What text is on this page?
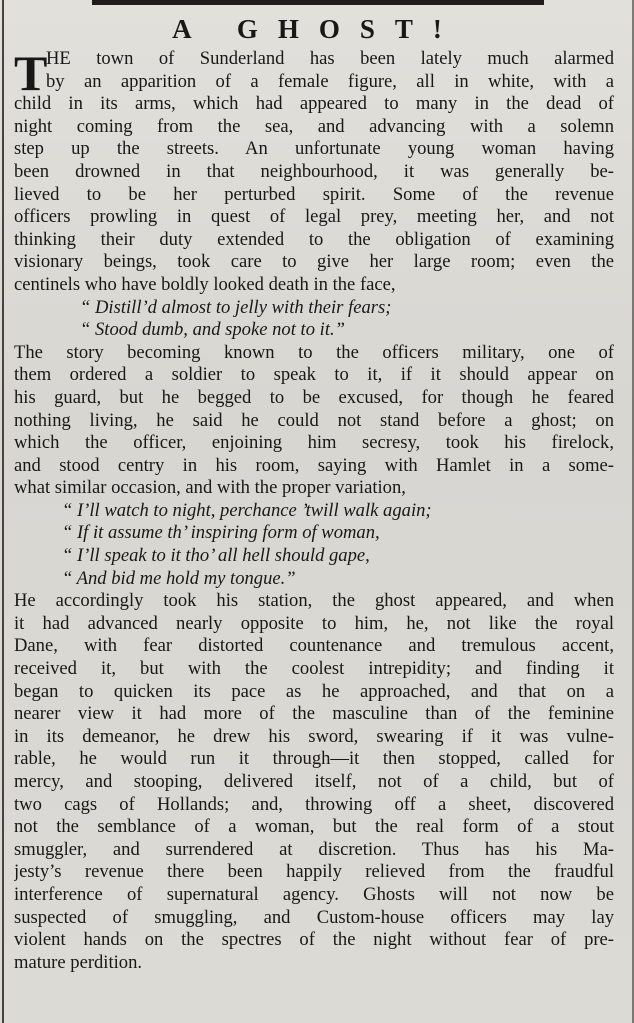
A GHOST!
T
HE town of Sunderland has been lately much alarmed
by an apparition of a female figure, all in white, with a
child in its arms, which had appeared to many in the dead of
night coming from the sea, and advancing with a solemn
step up the streets. An unfortunate young woman having
been drowned in that neighbourhood, it was generally be-
lieved to be her perturbed spirit. Some of the revenue
officers prowling in quest of legal prey, meeting her, and not
thinking their duty extended to the obligation of examining
visionary beings, took care to give her large room; even the
centinels who have boldly looked death in the face,
“ Distill’d almost to jelly with their fears;
“ Stood dumb, and spoke not to it.”
The story becoming known to the officers military, one of
them ordered a soldier to speak to it, if it should appear on
his guard, but he begged to be excused, for though he feared
nothing living, he said he could not stand before a ghost; on
which the officer, enjoining him secresy, took his firelock,
and stood centry in his room, saying with Hamlet in a some-
what similar occasion, and with the proper variation,
“ I’ll watch to night, perchance ’twill walk again;
“ If it assume th’ inspiring form of woman,
“ I’ll speak to it tho’ all hell should gape,
“ And bid me hold my tongue.”
He accordingly took his station, the ghost appeared, and when
it had advanced nearly opposite to him, he, not like the royal
Dane, with fear distorted countenance and tremulous accent,
received it, but with the coolest intrepidity; and finding it
began to quicken its pace as he approached, and that on a
nearer view it had more of the masculine than of the feminine
in its demeanor, he drew his sword, swearing if it was vulne-
rable, he would run it through—it then stopped, called for
mercy, and stooping, delivered itself, not of a child, but of
two cags of Hollands; and, throwing off a sheet, discovered
not the semblance of a woman, but the real form of a stout
smuggler, and surrendered at discretion. Thus has his Ma-
jesty’s revenue there been happily relieved from the fraudful
interference of supernatural agency. Ghosts will not now be
suspected of smuggling, and Custom-house officers may lay
violent hands on the spectres of the night without fear of pre-
mature perdition.
